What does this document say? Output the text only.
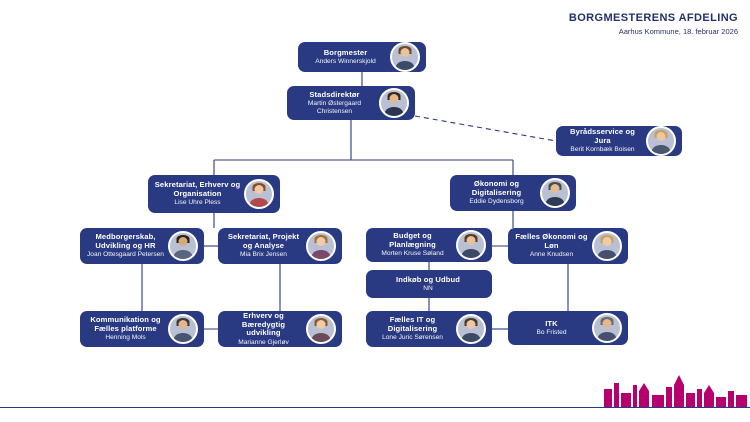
BORGMESTERENS AFDELING
Aarhus Kommune, 18. februar 2026
Borgmester
Anders Winnerskjold
Stadsdirektør
Martin Østergaard Christensen
Byrådsservice og Jura
Berit Kornbæk Boisen
Sekretariat, Erhverv og Organisation
Lise Uhre Pless
Økonomi og Digitalisering
Eddie Dydensborg
Medborgerskab, Udvikling og HR
Joan Ottesgaard Petersen
Sekretariat, Projekt og Analyse
Mia Brix Jensen
Budget og Planlægning
Morten Kruse Søland
Fælles Økonomi og Løn
Anne Knudsen
Indkøb og Udbud
NN
Kommunikation og Fælles platforme
Henning Mols
Erhverv og Bæredygtig udvikling
Marianne Gjerløv
Fælles IT og Digitalisering
Lone Juric Sørensen
ITK
Bo Fristed
